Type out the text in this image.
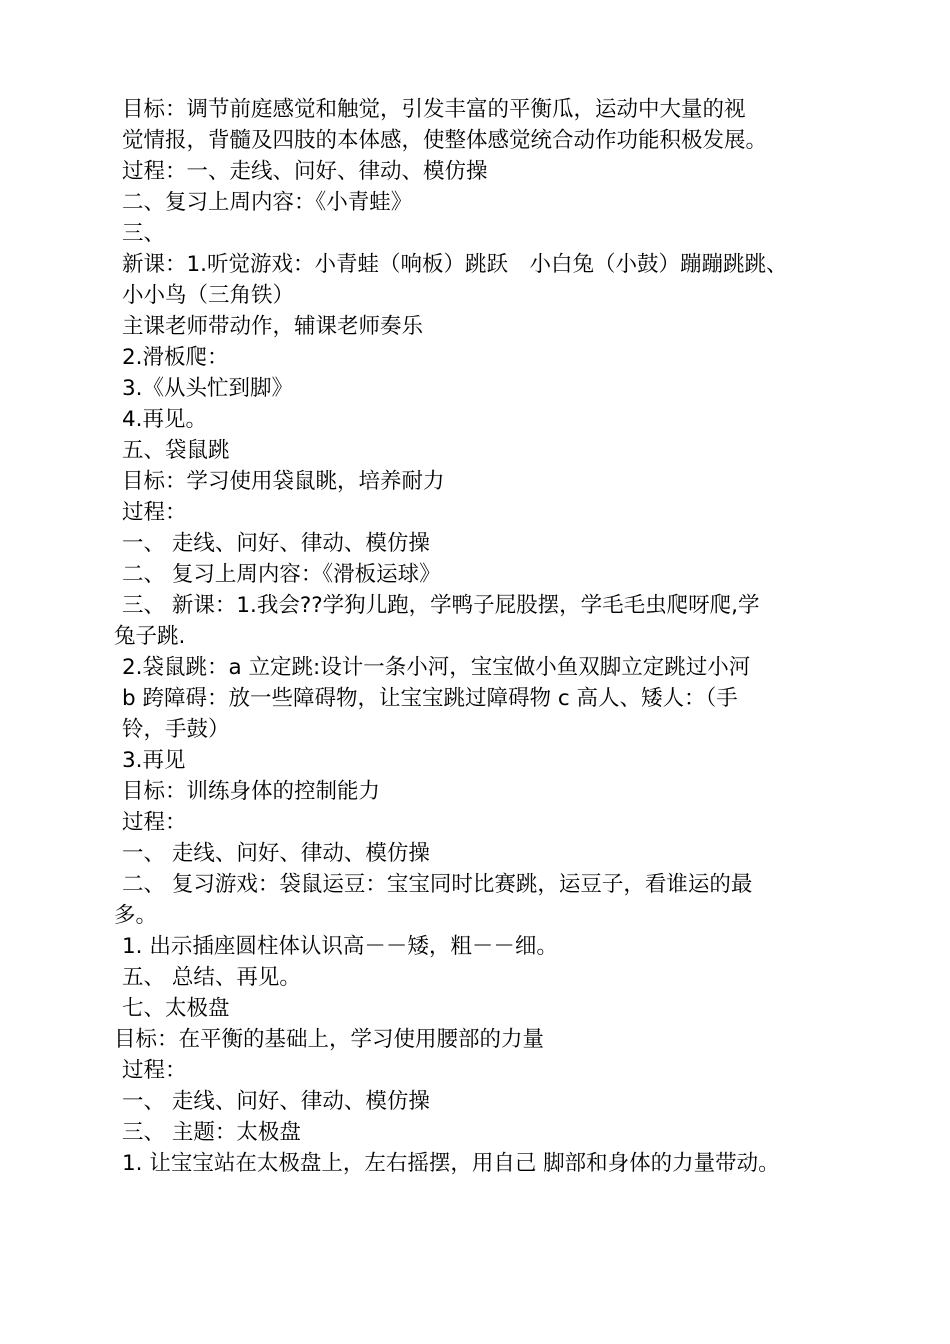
目标：调节前庭感觉和触觉，引发丰富的平衡瓜，运动中大量的视
觉情报，背髓及四肢的本体感，使整体感觉统合动作功能积极发展。
过程：一、走线、问好、律动、模仿操
二、复习上周内容：《小青蛙》
三、
新课：1.听觉游戏：小青蛙（响板）跳跃　小白兔（小鼓）蹦蹦跳跳、
小小鸟（三角铁）
主课老师带动作，辅课老师奏乐
2.滑板爬：
3.《从头忙到脚》
4.再见。
五、袋鼠跳
目标：学习使用袋鼠眺，培养耐力
过程：
一、 走线、问好、律动、模仿操
二、 复习上周内容：《滑板运球》
三、 新课：1.我会??学狗儿跑，学鸭子屁股摆，学毛毛虫爬呀爬,学
兔子跳.
2.袋鼠跳：a 立定跳:设计一条小河，宝宝做小鱼双脚立定跳过小河
b 跨障碍：放一些障碍物，让宝宝跳过障碍物 c 高人、矮人：（手
铃，手鼓）
3.再见
目标：训练身体的控制能力
过程：
一、 走线、问好、律动、模仿操
二、 复习游戏：袋鼠运豆：宝宝同时比赛跳，运豆子，看谁运的最
多。
1. 出示插座圆柱体认识高－－矮，粗－－细。
五、 总结、再见。
七、太极盘
目标：在平衡的基础上，学习使用腰部的力量
过程：
一、 走线、问好、律动、模仿操
三、 主题：太极盘
1. 让宝宝站在太极盘上，左右摇摆，用自己 脚部和身体的力量带动。
